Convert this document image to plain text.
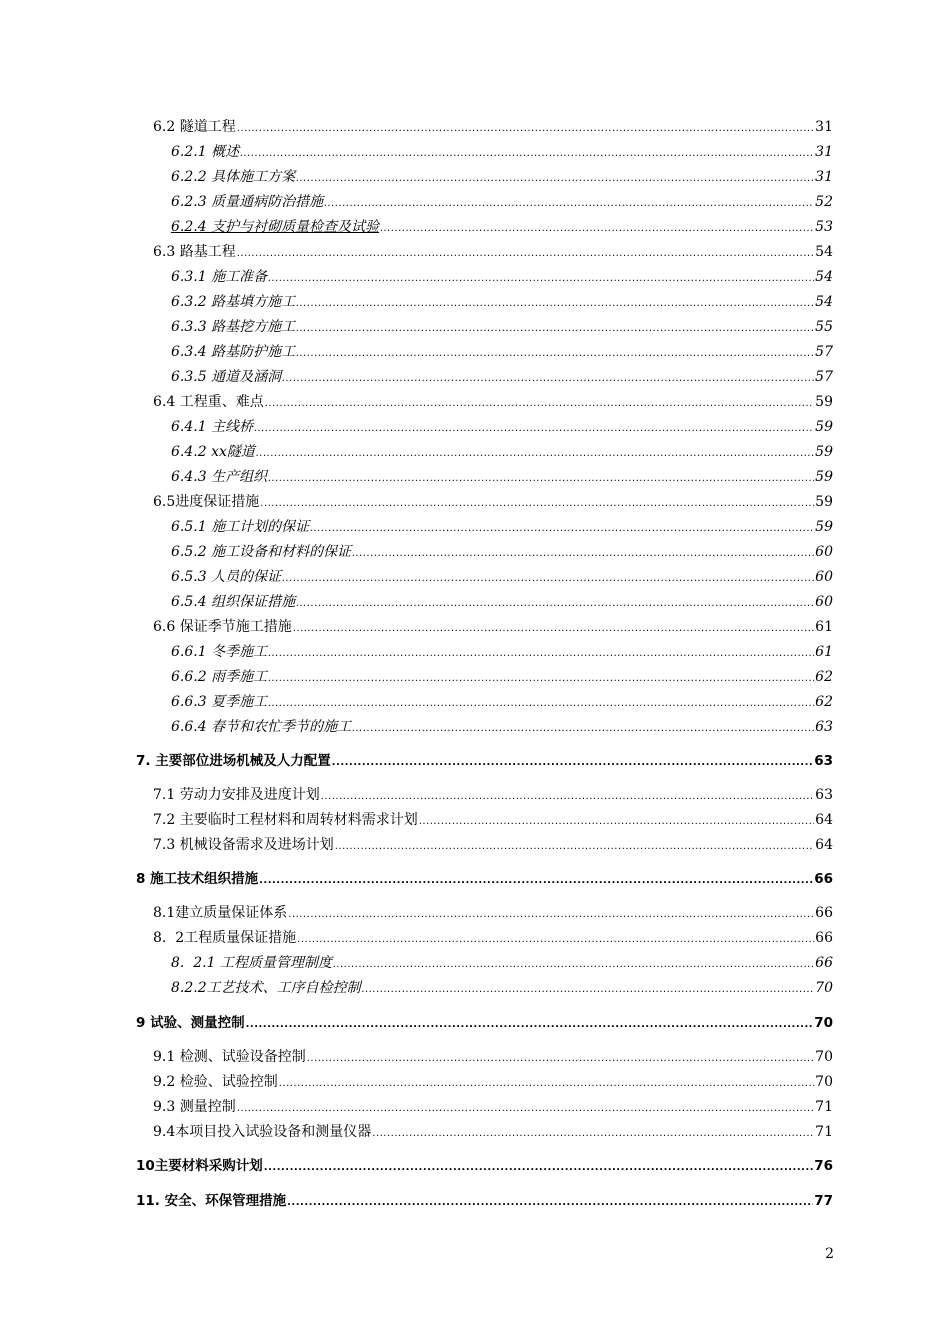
6.2 隧道工程 .....	31
6.2.1 概述 .....	31
6.2.2 具体施工方案 .....	31
6.2.3 质量通病防治措施 .....	52
6.2.4 支护与衬砌质量检查及试验 .....	53
6.3 路基工程 .....	54
6.3.1 施工准备 .....	54
6.3.2 路基填方施工 .....	54
6.3.3 路基挖方施工 .....	55
6.3.4 路基防护施工 .....	57
6.3.5 通道及涵洞 .....	57
6.4 工程重、难点 .....	59
6.4.1 主线桥 .....	59
6.4.2 xx隧道 .....	59
6.4.3 生产组织 .....	59
6.5进度保证措施 .....	59
6.5.1 施工计划的保证 .....	59
6.5.2 施工设备和材料的保证 .....	60
6.5.3 人员的保证 .....	60
6.5.4 组织保证措施 .....	60
6.6 保证季节施工措施 .....	61
6.6.1 冬季施工 .....	61
6.6.2 雨季施工 .....	62
6.6.3 夏季施工 .....	62
6.6.4 春节和农忙季节的施工 .....	63
7. 主要部位进场机械及人力配置 .....	63
7.1 劳动力安排及进度计划 .....	63
7.2 主要临时工程材料和周转材料需求计划 .....	64
7.3 机械设备需求及进场计划 .....	64
8 施工技术组织措施 .....	66
8.1建立质量保证体系 .....	66
8.  2工程质量保证措施 .....	66
8.  2.1 工程质量管理制度 .....	66
8.2.2工艺技术、工序自检控制 .....	70
9 试验、测量控制 .....	70
9.1 检测、试验设备控制 .....	70
9.2 检验、试验控制 .....	70
9.3 测量控制 .....	71
9.4本项目投入试验设备和测量仪器 .....	71
10主要材料采购计划 .....	76
11. 安全、环保管理措施 .....	77
2
